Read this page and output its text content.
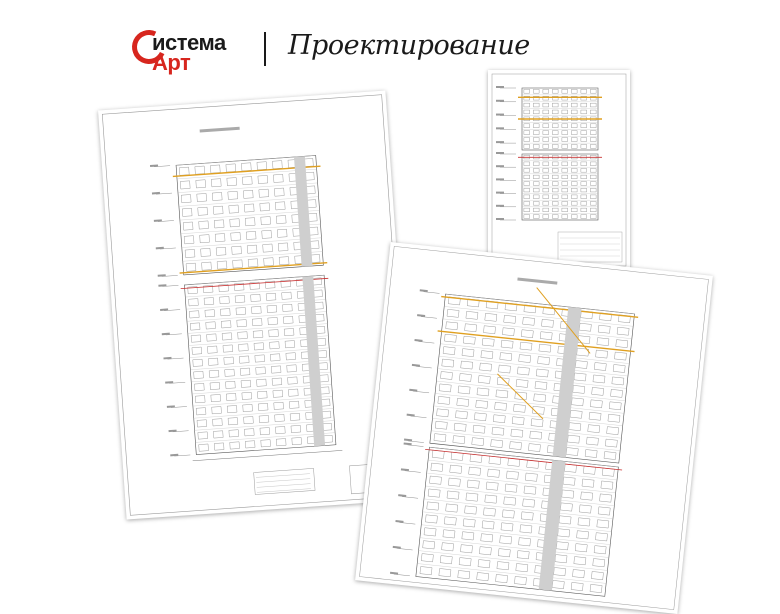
истема
Арт
Проектирование
